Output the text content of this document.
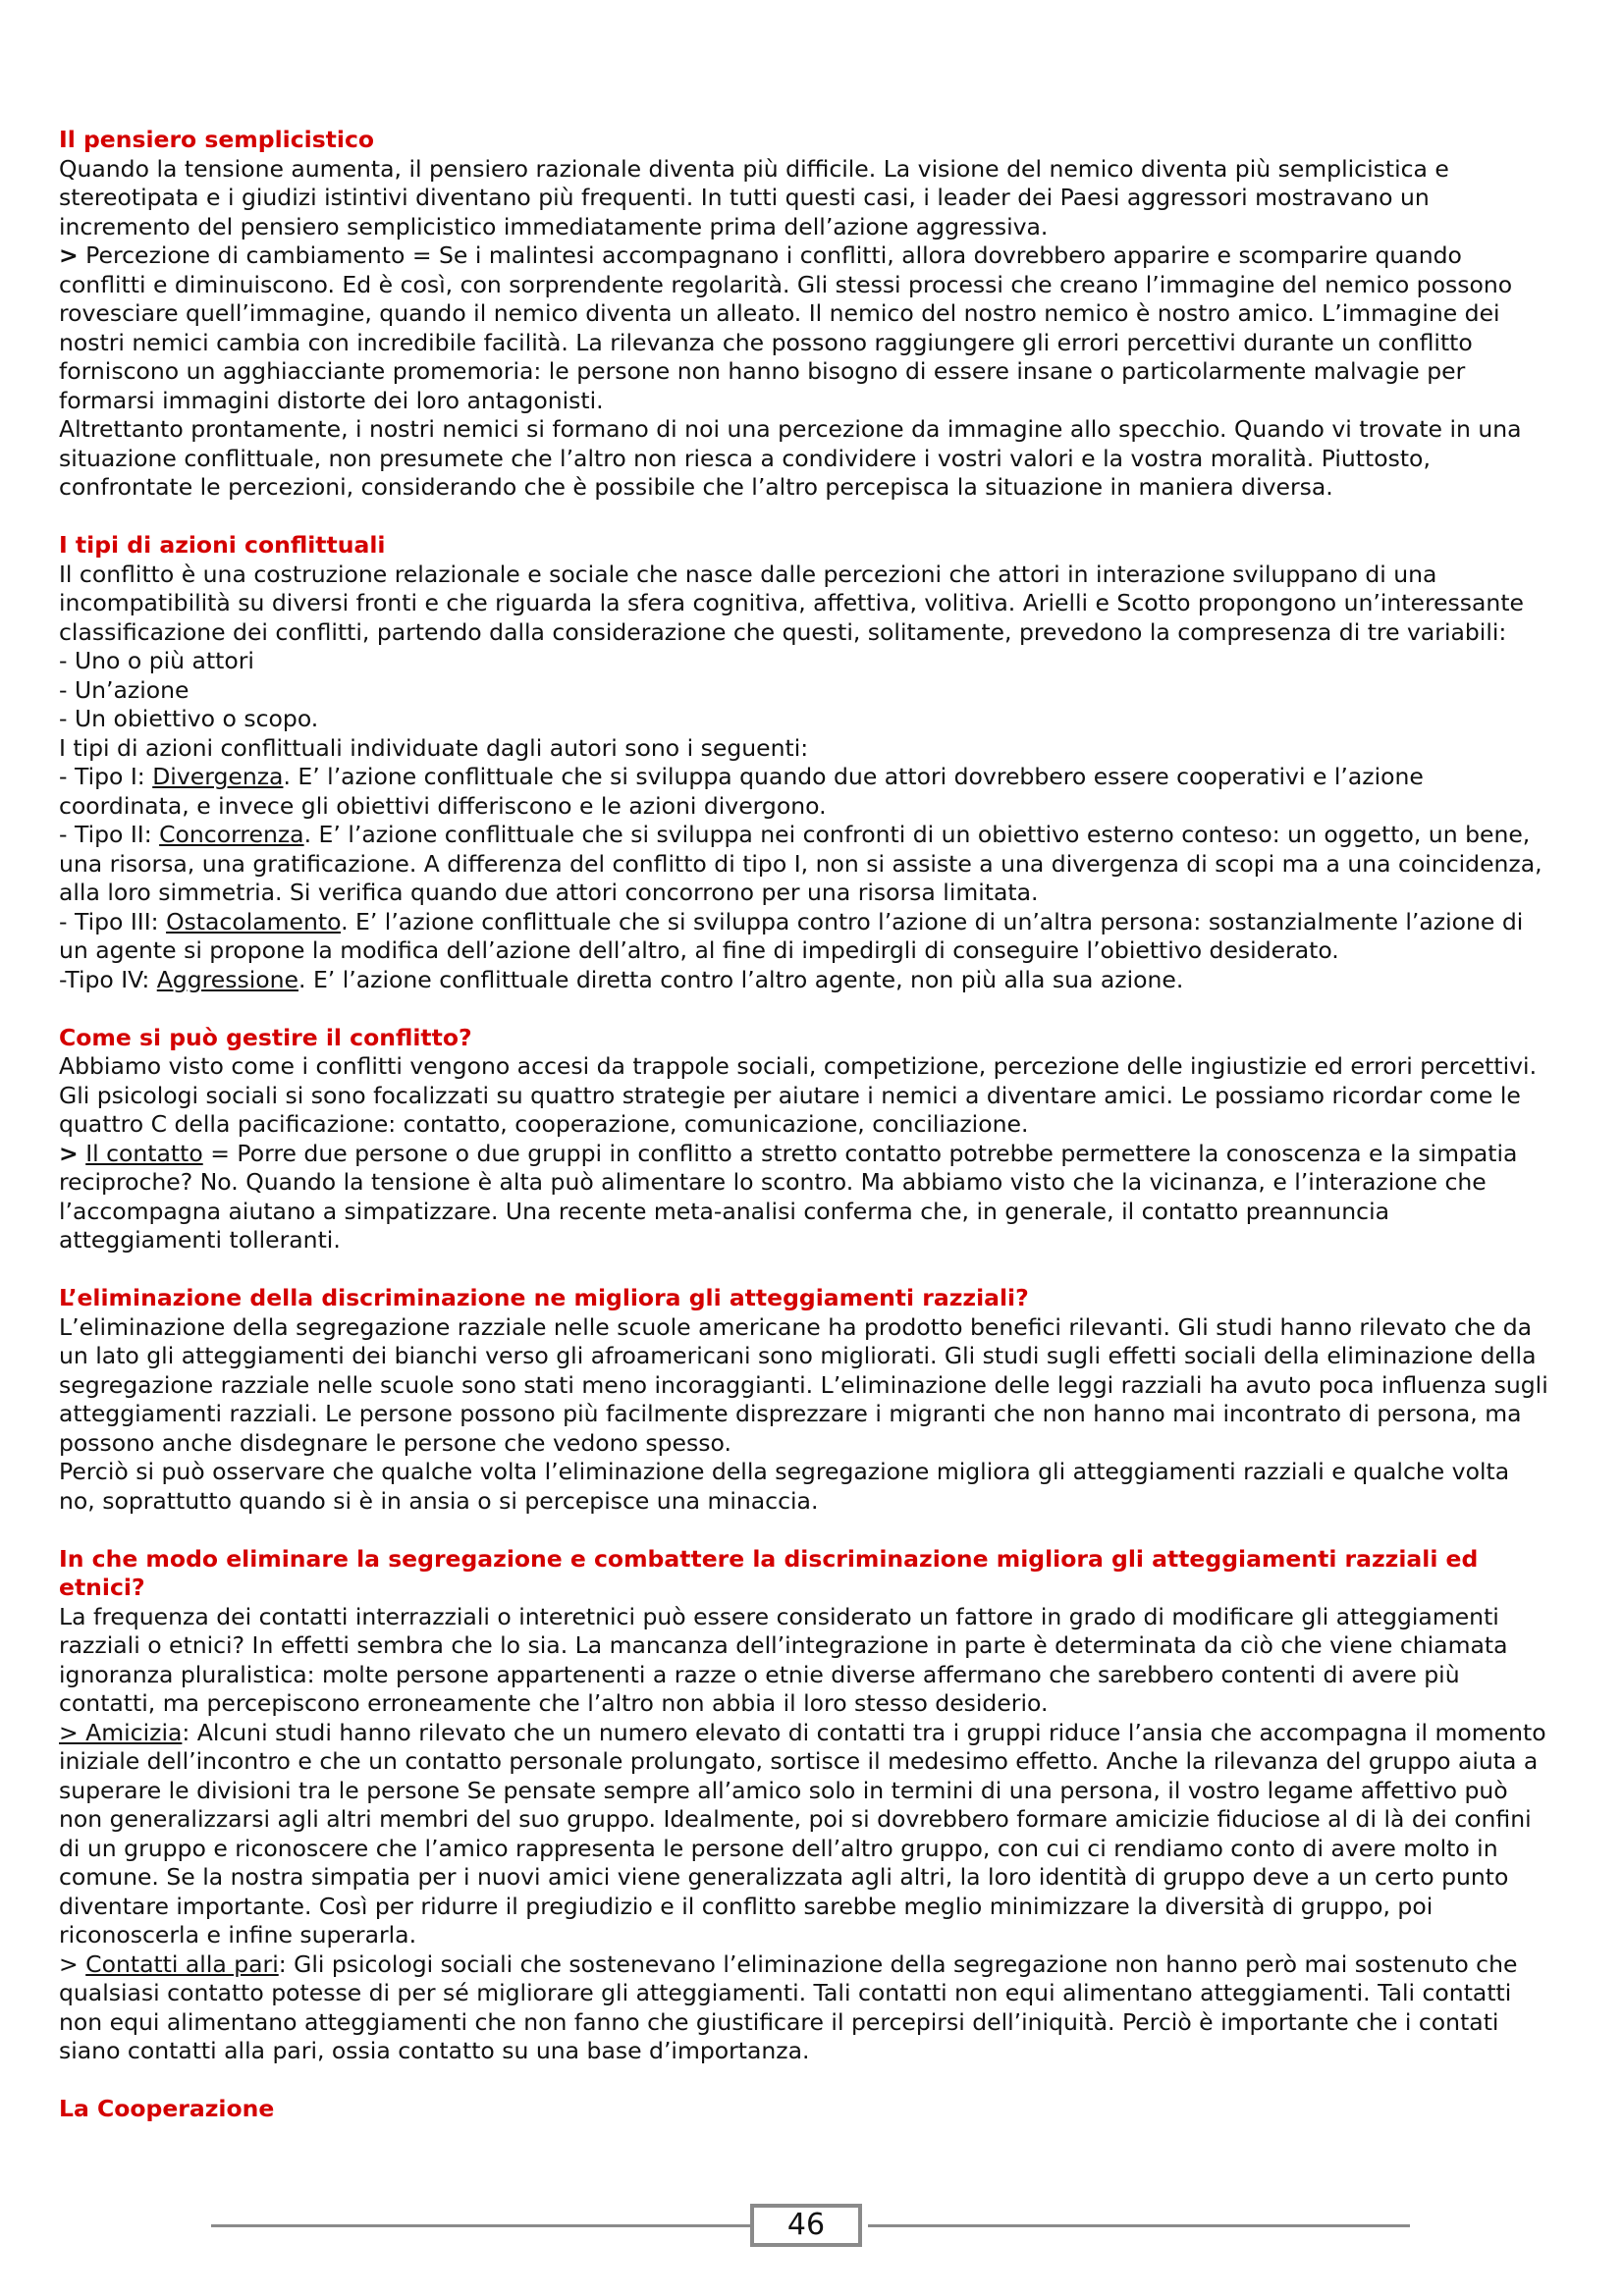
Il pensiero semplicistico

Quando la tensione aumenta, il pensiero razionale diventa più difficile. La visione del nemico diventa più semplicistica e stereotipata e i giudizi istintivi diventano più frequenti. In tutti questi casi, i leader dei Paesi aggressori mostravano un incremento del pensiero semplicistico immediatamente prima dell’azione aggressiva.

> Percezione di cambiamento = Se i malintesi accompagnano i conflitti, allora dovrebbero apparire e scomparire quando conflitti e diminuiscono. Ed è così, con sorprendente regolarità. Gli stessi processi che creano l’immagine del nemico possono rovesciare quell’immagine, quando il nemico diventa un alleato. Il nemico del nostro nemico è nostro amico. L’immagine dei nostri nemici cambia con incredibile facilità. La rilevanza che possono raggiungere gli errori percettivi durante un conflitto forniscono un agghiacciante promemoria: le persone non hanno bisogno di essere insane o particolarmente malvagie per formarsi immagini distorte dei loro antagonisti.

Altrettanto prontamente, i nostri nemici si formano di noi una percezione da immagine allo specchio. Quando vi trovate in una situazione conflittuale, non presumete che l’altro non riesca a condividere i vostri valori e la vostra moralità. Piuttosto, confrontate le percezioni, considerando che è possibile che l’altro percepisca la situazione in maniera diversa.

I tipi di azioni conflittuali

Il conflitto è una costruzione relazionale e sociale che nasce dalle percezioni che attori in interazione sviluppano di una incompatibilità su diversi fronti e che riguarda la sfera cognitiva, affettiva, volitiva. Arielli e Scotto propongono un’interessante classificazione dei conflitti, partendo dalla considerazione che questi, solitamente, prevedono la compresenza di tre variabili:

- Uno o più attori

- Un’azione

- Un obiettivo o scopo.

I tipi di azioni conflittuali individuate dagli autori sono i seguenti:

- Tipo I: Divergenza. E’ l’azione conflittuale che si sviluppa quando due attori dovrebbero essere cooperativi e l’azione coordinata, e invece gli obiettivi differiscono e le azioni divergono.

- Tipo II: Concorrenza. E’ l’azione conflittuale che si sviluppa nei confronti di un obiettivo esterno conteso: un oggetto, un bene, una risorsa, una gratificazione. A differenza del conflitto di tipo I, non si assiste a una divergenza di scopi ma a una coincidenza, alla loro simmetria. Si verifica quando due attori concorrono per una risorsa limitata.

- Tipo III: Ostacolamento. E’ l’azione conflittuale che si sviluppa contro l’azione di un’altra persona: sostanzialmente l’azione di un agente si propone la modifica dell’azione dell’altro, al fine di impedirgli di conseguire l’obiettivo desiderato.

-Tipo IV: Aggressione. E’ l’azione conflittuale diretta contro l’altro agente, non più alla sua azione.

Come si può gestire il conflitto?

Abbiamo visto come i conflitti vengono accesi da trappole sociali, competizione, percezione delle ingiustizie ed errori percettivi. Gli psicologi sociali si sono focalizzati su quattro strategie per aiutare i nemici a diventare amici. Le possiamo ricordar come le quattro C della pacificazione: contatto, cooperazione, comunicazione, conciliazione.

> Il contatto = Porre due persone o due gruppi in conflitto a stretto contatto potrebbe permettere la conoscenza e la simpatia reciproche? No. Quando la tensione è alta può alimentare lo scontro. Ma abbiamo visto che la vicinanza, e l’interazione che l’accompagna aiutano a simpatizzare. Una recente meta-analisi conferma che, in generale, il contatto preannuncia atteggiamenti tolleranti.

L’eliminazione della discriminazione ne migliora gli atteggiamenti razziali?

L’eliminazione della segregazione razziale nelle scuole americane ha prodotto benefici rilevanti. Gli studi hanno rilevato che da un lato gli atteggiamenti dei bianchi verso gli afroamericani sono migliorati. Gli studi sugli effetti sociali della eliminazione della segregazione razziale nelle scuole sono stati meno incoraggianti. L’eliminazione delle leggi razziali ha avuto poca influenza sugli atteggiamenti razziali. Le persone possono più facilmente disprezzare i migranti che non hanno mai incontrato di persona, ma possono anche disdegnare le persone che vedono spesso.

Perciò si può osservare che qualche volta l’eliminazione della segregazione migliora gli atteggiamenti razziali e qualche volta no, soprattutto quando si è in ansia o si percepisce una minaccia.

In che modo eliminare la segregazione e combattere la discriminazione migliora gli atteggiamenti razziali ed etnici?

La frequenza dei contatti interrazziali o interetnici può essere considerato un fattore in grado di modificare gli atteggiamenti razziali o etnici? In effetti sembra che lo sia. La mancanza dell’integrazione in parte è determinata da ciò che viene chiamata ignoranza pluralistica: molte persone appartenenti a razze o etnie diverse affermano che sarebbero contenti di avere più contatti, ma percepiscono erroneamente che l’altro non abbia il loro stesso desiderio.

> Amicizia: Alcuni studi hanno rilevato che un numero elevato di contatti tra i gruppi riduce l’ansia che accompagna il momento iniziale dell’incontro e che un contatto personale prolungato, sortisce il medesimo effetto. Anche la rilevanza del gruppo aiuta a superare le divisioni tra le persone Se pensate sempre all’amico solo in termini di una persona, il vostro legame affettivo può non generalizzarsi agli altri membri del suo gruppo. Idealmente, poi si dovrebbero formare amicizie fiduciose al di là dei confini di un gruppo e riconoscere che l’amico rappresenta le persone dell’altro gruppo, con cui ci rendiamo conto di avere molto in comune. Se la nostra simpatia per i nuovi amici viene generalizzata agli altri, la loro identità di gruppo deve a un certo punto diventare importante. Così per ridurre il pregiudizio e il conflitto sarebbe meglio minimizzare la diversità di gruppo, poi riconoscerla e infine superarla.

> Contatti alla pari: Gli psicologi sociali che sostenevano l’eliminazione della segregazione non hanno però mai sostenuto che qualsiasi contatto potesse di per sé migliorare gli atteggiamenti. Tali contatti non equi alimentano atteggiamenti. Tali contatti non equi alimentano atteggiamenti che non fanno che giustificare il percepirsi dell’iniquità. Perciò è importante che i contati siano contatti alla pari, ossia contatto su una base d’importanza.

La Cooperazione

46
